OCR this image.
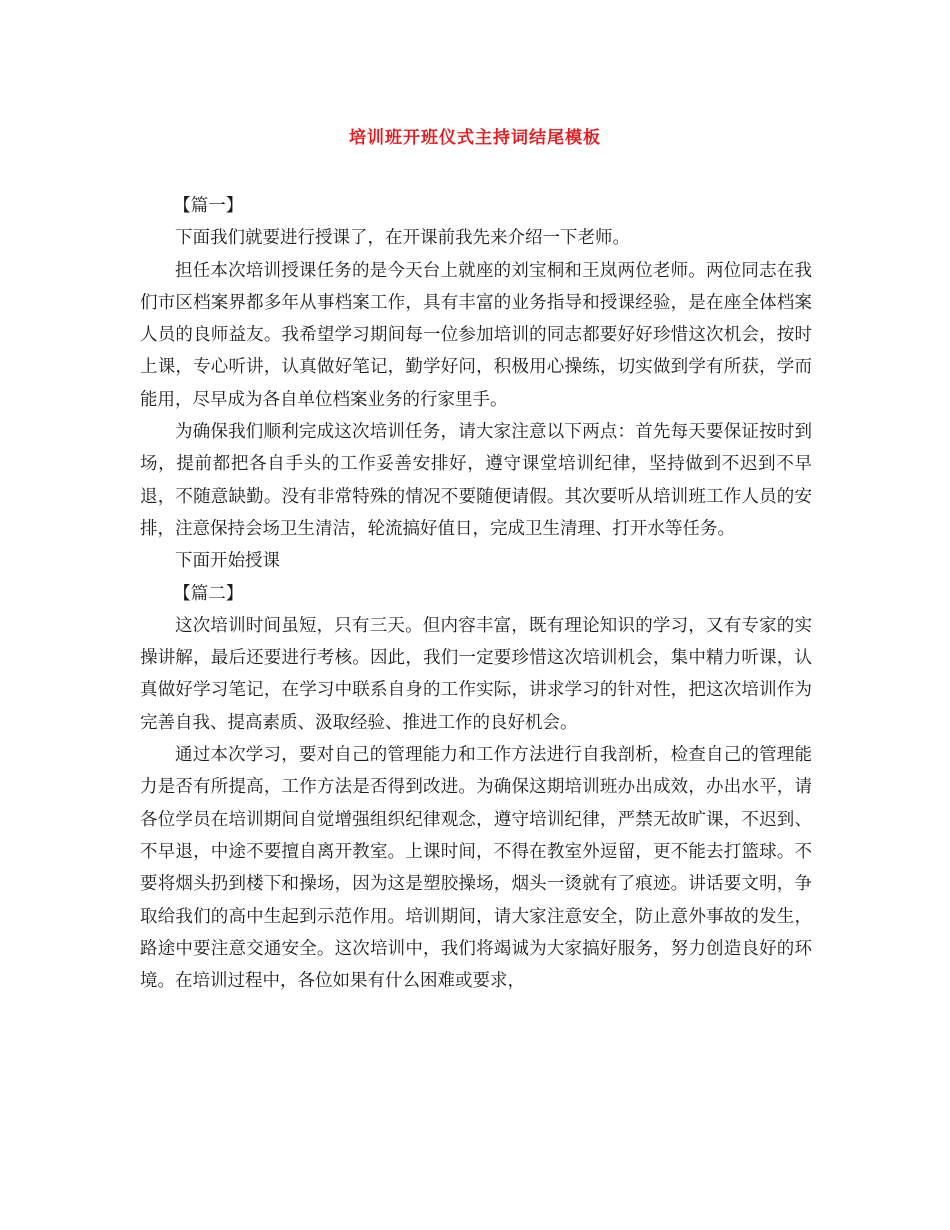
培训班开班仪式主持词结尾模板

【篇一】

下面我们就要进行授课了，在开课前我先来介绍一下老师。

担任本次培训授课任务的是今天台上就座的刘宝桐和王岚两位老师。两位同志在我们市区档案界都多年从事档案工作，具有丰富的业务指导和授课经验，是在座全体档案人员的良师益友。我希望学习期间每一位参加培训的同志都要好好珍惜这次机会，按时上课，专心听讲，认真做好笔记，勤学好问，积极用心操练，切实做到学有所获，学而能用，尽早成为各自单位档案业务的行家里手。

为确保我们顺利完成这次培训任务，请大家注意以下两点：首先每天要保证按时到场，提前都把各自手头的工作妥善安排好，遵守课堂培训纪律，坚持做到不迟到不早退，不随意缺勤。没有非常特殊的情况不要随便请假。其次要听从培训班工作人员的安排，注意保持会场卫生清洁，轮流搞好值日，完成卫生清理、打开水等任务。

下面开始授课

【篇二】

这次培训时间虽短，只有三天。但内容丰富，既有理论知识的学习，又有专家的实操讲解，最后还要进行考核。因此，我们一定要珍惜这次培训机会，集中精力听课，认真做好学习笔记，在学习中联系自身的工作实际，讲求学习的针对性，把这次培训作为完善自我、提高素质、汲取经验、推进工作的良好机会。

通过本次学习，要对自己的管理能力和工作方法进行自我剖析，检查自己的管理能力是否有所提高，工作方法是否得到改进。为确保这期培训班办出成效，办出水平，请各位学员在培训期间自觉增强组织纪律观念，遵守培训纪律，严禁无故旷课，不迟到、不早退，中途不要擅自离开教室。上课时间，不得在教室外逗留，更不能去打篮球。不要将烟头扔到楼下和操场，因为这是塑胶操场，烟头一烫就有了痕迹。讲话要文明，争取给我们的高中生起到示范作用。培训期间，请大家注意安全，防止意外事故的发生，路途中要注意交通安全。这次培训中，我们将竭诚为大家搞好服务，努力创造良好的环境。在培训过程中，各位如果有什么困难或要求，
